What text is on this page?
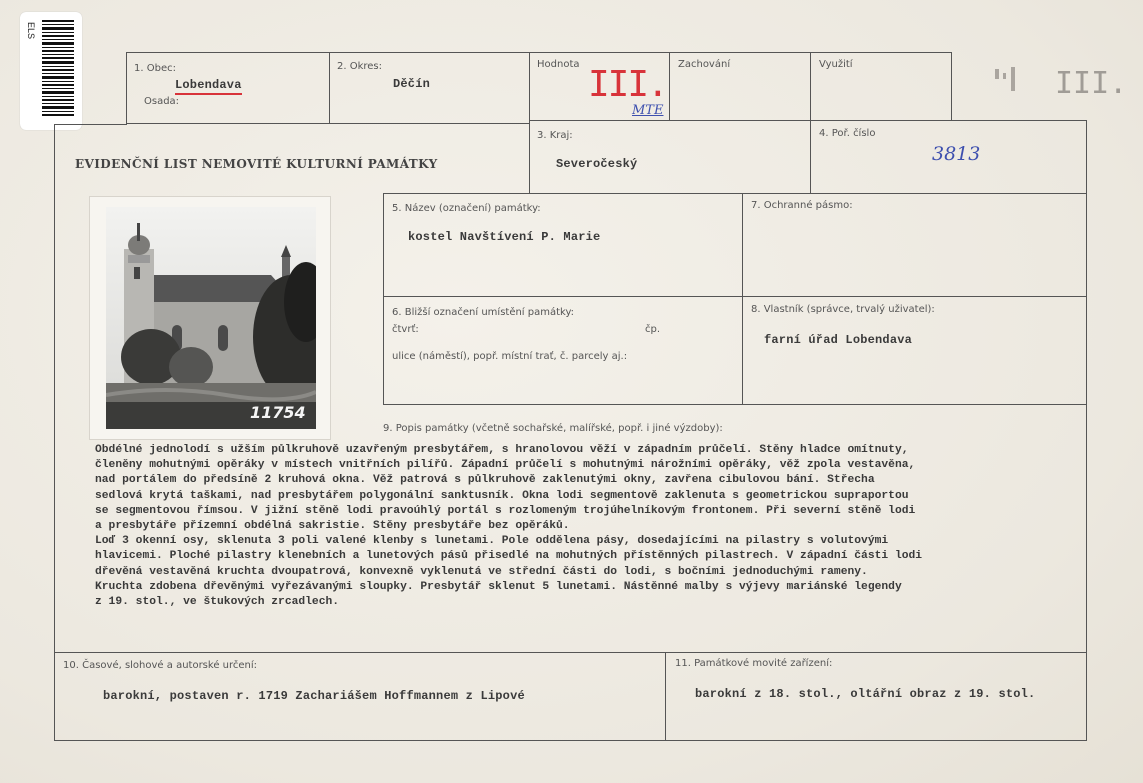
ELS
1. Obec:
Lobendava
Osada:
2. Okres:
Děčín
Hodnota III.
MTE
Zachování	Využití
III.
EVIDENČNÍ LIST NEMOVITÉ KULTURNÍ PAMÁTKY
3. Kraj:
Severočeský
4. Poř. číslo
3813
11754
5. Název (označení) památky:
kostel Navštívení P. Marie
7. Ochranné pásmo:
6. Bližší označení umístění památky:
čtvrť:	čp.
ulice (náměstí), popř. místní trať, č. parcely aj.:
8. Vlastník (správce, trvalý uživatel):
farní úřad Lobendava
9. Popis památky (včetně sochařské, malířské, popř. i jiné výzdoby):
Obdélné jednolodí s užším půlkruhově uzavřeným presbytářem, s hranolovou věží v západním průčelí. Stěny hladce omítnuty,
členěny mohutnými opěráky v místech vnitřních pilířů. Západní průčelí s mohutnými nárožními opěráky, věž zpola vestavěna,
nad portálem do předsíně 2 kruhová okna. Věž patrová s půlkruhově zaklenutými okny, zavřena cibulovou bání. Střecha
sedlová krytá taškami, nad presbytářem polygonální sanktusník. Okna lodi segmentově zaklenuta s geometrickou supraportou
se segmentovou římsou. V jižní stěně lodi pravoúhlý portál s rozlomeným trojúhelníkovým frontonem. Při severní stěně lodi
a presbytáře přízemní obdélná sakristie. Stěny presbytáře bez opěráků.
Loď 3 okenní osy, sklenuta 3 poli valené klenby s lunetami. Pole oddělena pásy, dosedajícími na pilastry s volutovými
hlavicemi. Ploché pilastry klenebních a lunetových pásů přisedlé na mohutných přístěnných pilastrech. V západní části lodi
dřevěná vestavěná kruchta dvoupatrová, konvexně vyklenutá ve střední části do lodi, s bočními jednoduchými rameny.
Kruchta zdobena dřevěnými vyřezávanými sloupky. Presbytář sklenut 5 lunetami. Nástěnné malby s výjevy mariánské legendy
z 19. stol., ve štukových zrcadlech.
10. Časové, slohové a autorské určení:
barokní, postaven r. 1719 Zachariášem Hoffmannem z Lipové
11. Památkové movité zařízení:
barokní z 18. stol., oltářní obraz z 19. stol.
